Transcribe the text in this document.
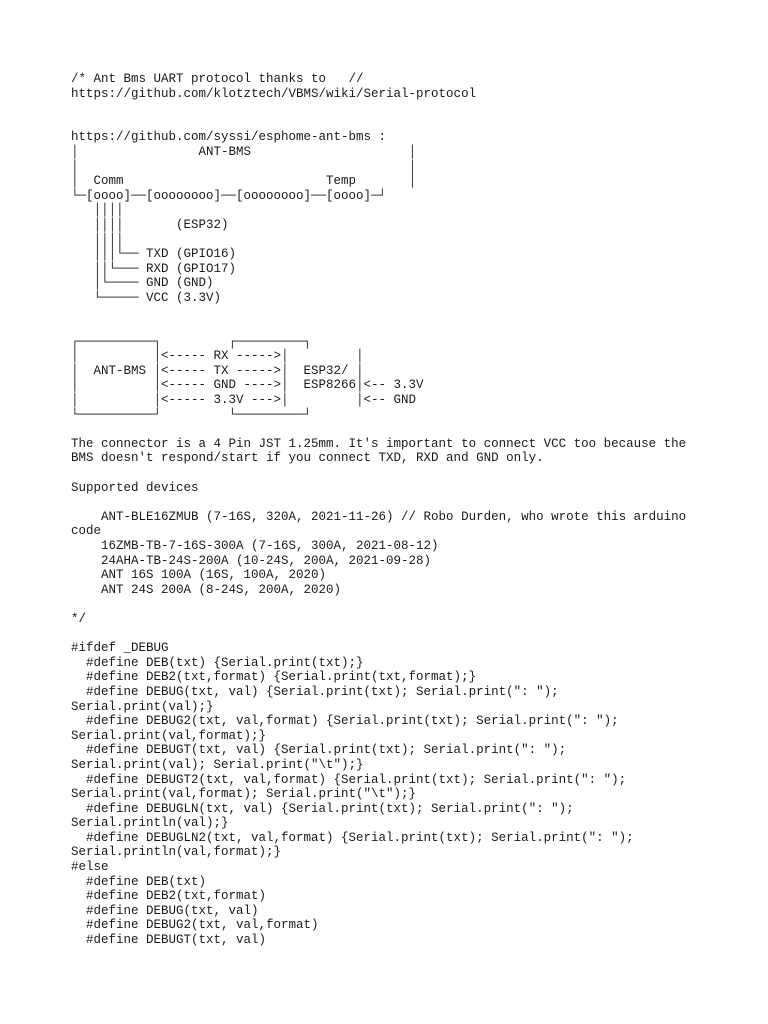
/* Ant Bms UART protocol thanks to   //
https://github.com/klotztech/VBMS/wiki/Serial-protocol
https://github.com/syssi/esphome-ant-bms :
│                ANT-BMS                     │
│                                            │
│  Comm                           Temp       │
└─[oooo]──[oooooooo]──[oooooooo]──[oooo]─┘
││││
││││       (ESP32)
││││
│││└── TXD (GPIO16)
││└─── RXD (GPIO17)
│└──── GND (GND)
└───── VCC (3.3V)
┌──────────┐         ┌─────────┐
│          │<----- RX ----->│         │
│  ANT-BMS │<----- TX ----->│  ESP32/ │
│          │<----- GND ---->│  ESP8266│<-- 3.3V
│          │<----- 3.3V --->│         │<-- GND
└──────────┘         └─────────┘
The connector is a 4 Pin JST 1.25mm. It's important to connect VCC too because the
BMS doesn't respond/start if you connect TXD, RXD and GND only.
Supported devices
ANT-BLE16ZMUB (7-16S, 320A, 2021-11-26) // Robo Durden, who wrote this arduino
code
16ZMB-TB-7-16S-300A (7-16S, 300A, 2021-08-12)
24AHA-TB-24S-200A (10-24S, 200A, 2021-09-28)
ANT 16S 100A (16S, 100A, 2020)
ANT 24S 200A (8-24S, 200A, 2020)
*/
#ifdef _DEBUG
#define DEB(txt) {Serial.print(txt);}
#define DEB2(txt,format) {Serial.print(txt,format);}
#define DEBUG(txt, val) {Serial.print(txt); Serial.print(": ");
Serial.print(val);}
#define DEBUG2(txt, val,format) {Serial.print(txt); Serial.print(": ");
Serial.print(val,format);}
#define DEBUGT(txt, val) {Serial.print(txt); Serial.print(": ");
Serial.print(val); Serial.print("\t");}
#define DEBUGT2(txt, val,format) {Serial.print(txt); Serial.print(": ");
Serial.print(val,format); Serial.print("\t");}
#define DEBUGLN(txt, val) {Serial.print(txt); Serial.print(": ");
Serial.println(val);}
#define DEBUGLN2(txt, val,format) {Serial.print(txt); Serial.print(": ");
Serial.println(val,format);}
#else
#define DEB(txt)
#define DEB2(txt,format)
#define DEBUG(txt, val)
#define DEBUG2(txt, val,format)
#define DEBUGT(txt, val)
